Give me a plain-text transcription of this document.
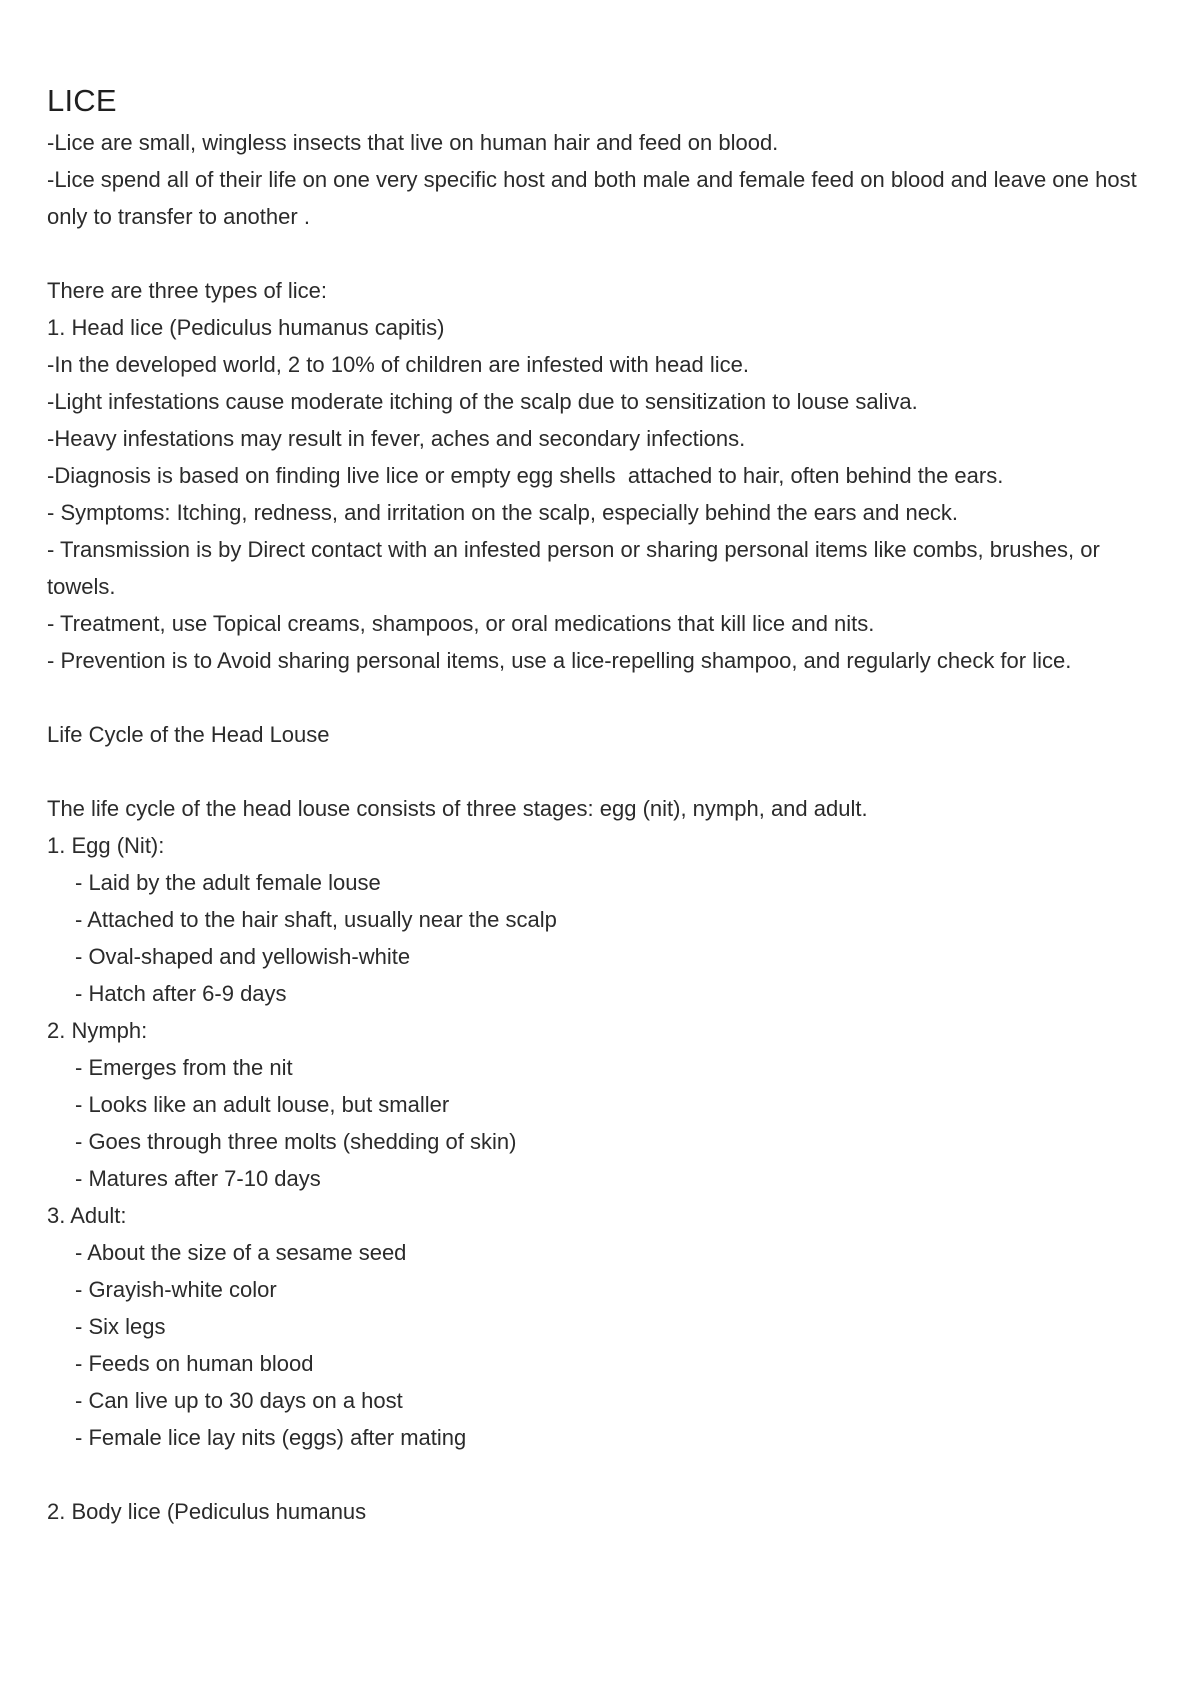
LICE

-Lice are small, wingless insects that live on human hair and feed on blood.

-Lice spend all of their life on one very specific host and both male and female feed on blood and leave one host only to transfer to another .

There are three types of lice:

1. Head lice (Pediculus humanus capitis)

-In the developed world, 2 to 10% of children are infested with head lice.

-Light infestations cause moderate itching of the scalp due to sensitization to louse saliva.

-Heavy infestations may result in fever, aches and secondary infections.

-Diagnosis is based on finding live lice or empty egg shells  attached to hair, often behind the ears.

- Symptoms: Itching, redness, and irritation on the scalp, especially behind the ears and neck.

- Transmission is by Direct contact with an infested person or sharing personal items like combs, brushes, or towels.

- Treatment, use Topical creams, shampoos, or oral medications that kill lice and nits.

- Prevention is to Avoid sharing personal items, use a lice-repelling shampoo, and regularly check for lice.

Life Cycle of the Head Louse

The life cycle of the head louse consists of three stages: egg (nit), nymph, and adult.

1. Egg (Nit):

- Laid by the adult female louse

- Attached to the hair shaft, usually near the scalp

- Oval-shaped and yellowish-white

- Hatch after 6-9 days

2. Nymph:

- Emerges from the nit

- Looks like an adult louse, but smaller

- Goes through three molts (shedding of skin)

- Matures after 7-10 days

3. Adult:

- About the size of a sesame seed

- Grayish-white color

- Six legs

- Feeds on human blood

- Can live up to 30 days on a host

- Female lice lay nits (eggs) after mating

2. Body lice (Pediculus humanus
